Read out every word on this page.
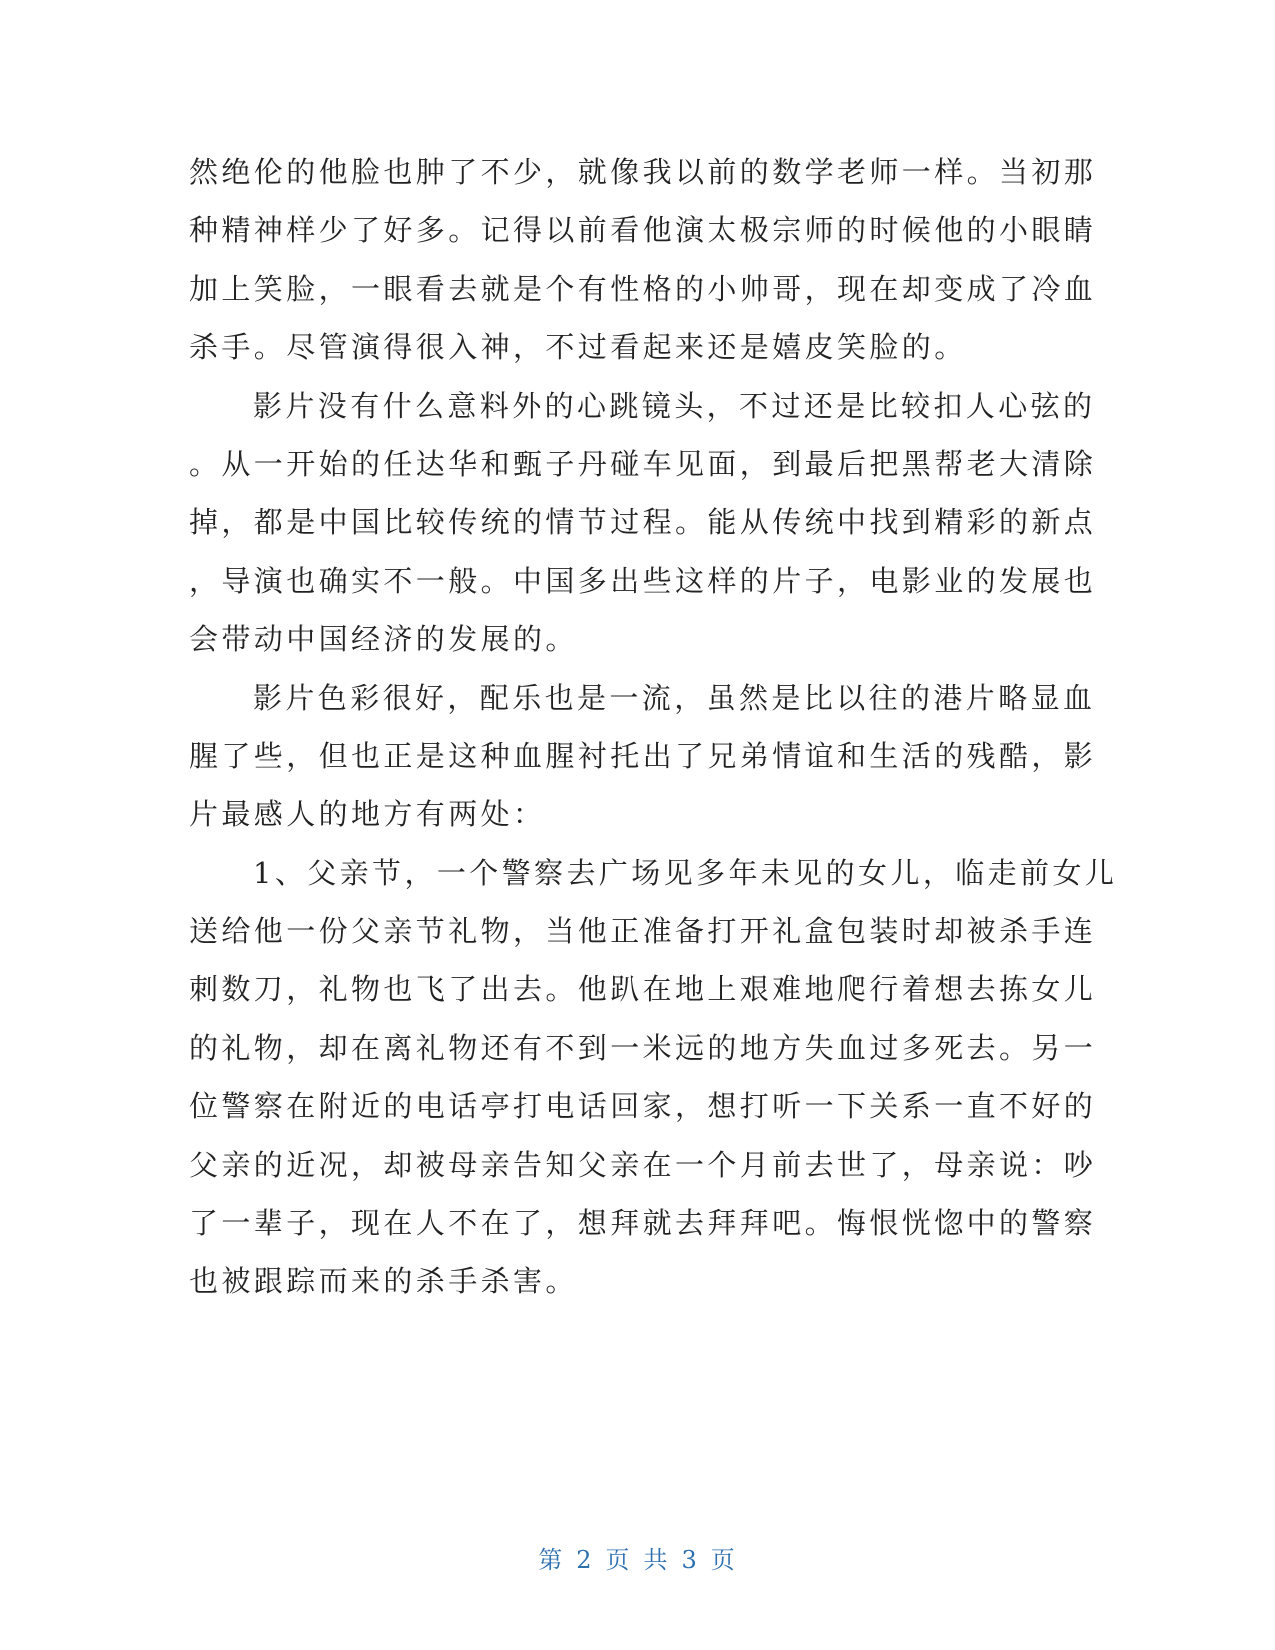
然绝伦的他脸也肿了不少，就像我以前的数学老师一样。当初那
种精神样少了好多。记得以前看他演太极宗师的时候他的小眼睛
加上笑脸，一眼看去就是个有性格的小帅哥，现在却变成了冷血
杀手。尽管演得很入神，不过看起来还是嬉皮笑脸的。
影片没有什么意料外的心跳镜头，不过还是比较扣人心弦的
。从一开始的任达华和甄子丹碰车见面，到最后把黑帮老大清除
掉，都是中国比较传统的情节过程。能从传统中找到精彩的新点
，导演也确实不一般。中国多出些这样的片子，电影业的发展也
会带动中国经济的发展的。
影片色彩很好，配乐也是一流，虽然是比以往的港片略显血
腥了些，但也正是这种血腥衬托出了兄弟情谊和生活的残酷，影
片最感人的地方有两处：
1、父亲节，一个警察去广场见多年未见的女儿，临走前女儿
送给他一份父亲节礼物，当他正准备打开礼盒包装时却被杀手连
刺数刀，礼物也飞了出去。他趴在地上艰难地爬行着想去拣女儿
的礼物，却在离礼物还有不到一米远的地方失血过多死去。另一
位警察在附近的电话亭打电话回家，想打听一下关系一直不好的
父亲的近况，却被母亲告知父亲在一个月前去世了，母亲说：吵
了一辈子，现在人不在了，想拜就去拜拜吧。悔恨恍惚中的警察
也被跟踪而来的杀手杀害。
第 2 页 共 3 页
